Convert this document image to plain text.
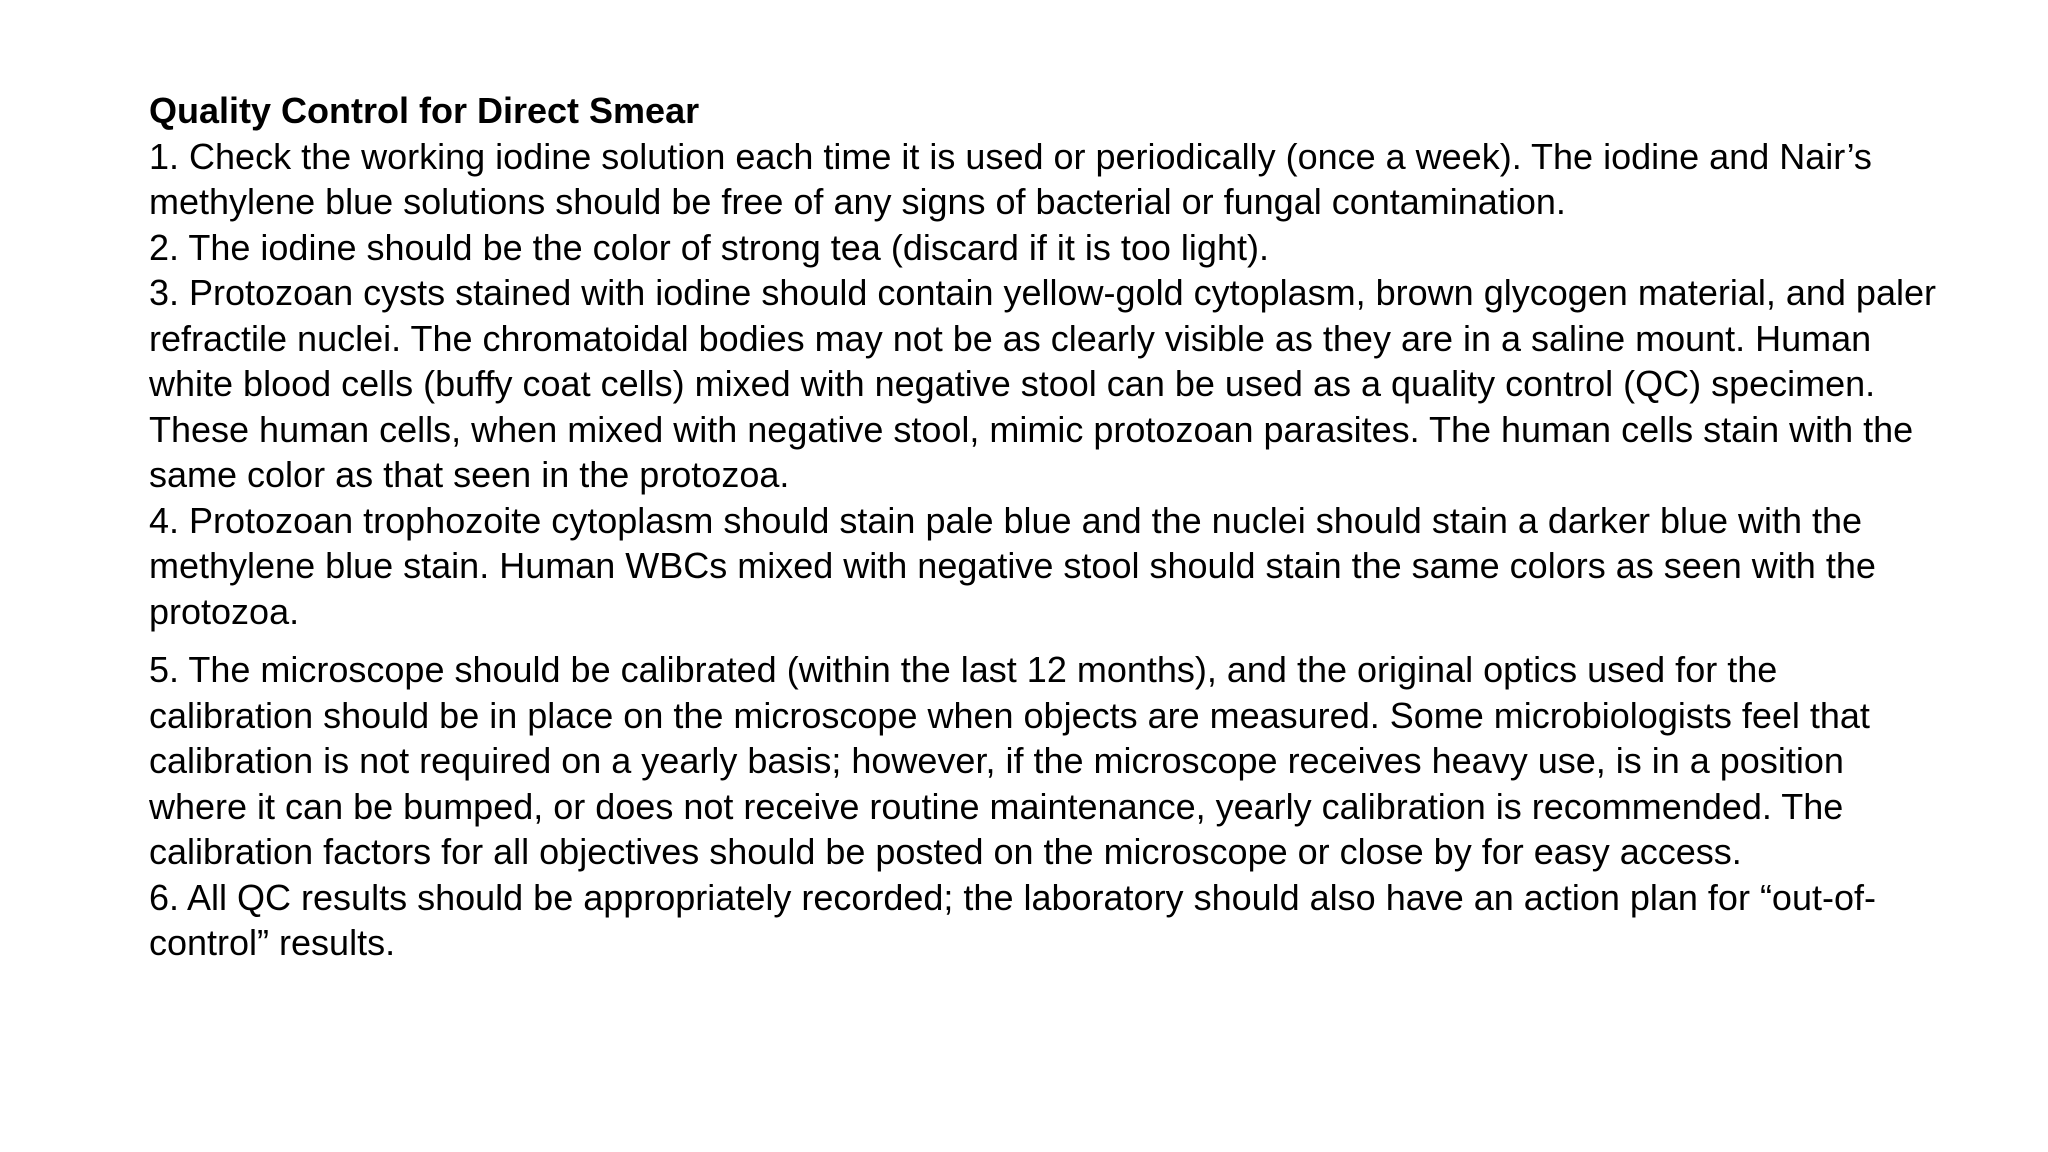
Quality Control for Direct Smear

1. Check the working iodine solution each time it is used or periodically (once a week). The iodine and Nair’s methylene blue solutions should be free of any signs of bacterial or fungal contamination.

2. The iodine should be the color of strong tea (discard if it is too light).

3. Protozoan cysts stained with iodine should contain yellow-gold cytoplasm, brown glycogen material, and paler refractile nuclei. The chromatoidal bodies may not be as clearly visible as they are in a saline mount. Human white blood cells (buffy coat cells) mixed with negative stool can be used as a quality control (QC) specimen. These human cells, when mixed with negative stool, mimic protozoan parasites. The human cells stain with the same color as that seen in the protozoa.

4. Protozoan trophozoite cytoplasm should stain pale blue and the nuclei should stain a darker blue with the methylene blue stain. Human WBCs mixed with negative stool should stain the same colors as seen with the protozoa.

5. The microscope should be calibrated (within the last 12 months), and the original optics used for the calibration should be in place on the microscope when objects are measured. Some microbiologists feel that calibration is not required on a yearly basis; however, if the microscope receives heavy use, is in a position where it can be bumped, or does not receive routine maintenance, yearly calibration is recommended. The calibration factors for all objectives should be posted on the microscope or close by for easy access.

6. All QC results should be appropriately recorded; the laboratory should also have an action plan for “out-of-control” results.
